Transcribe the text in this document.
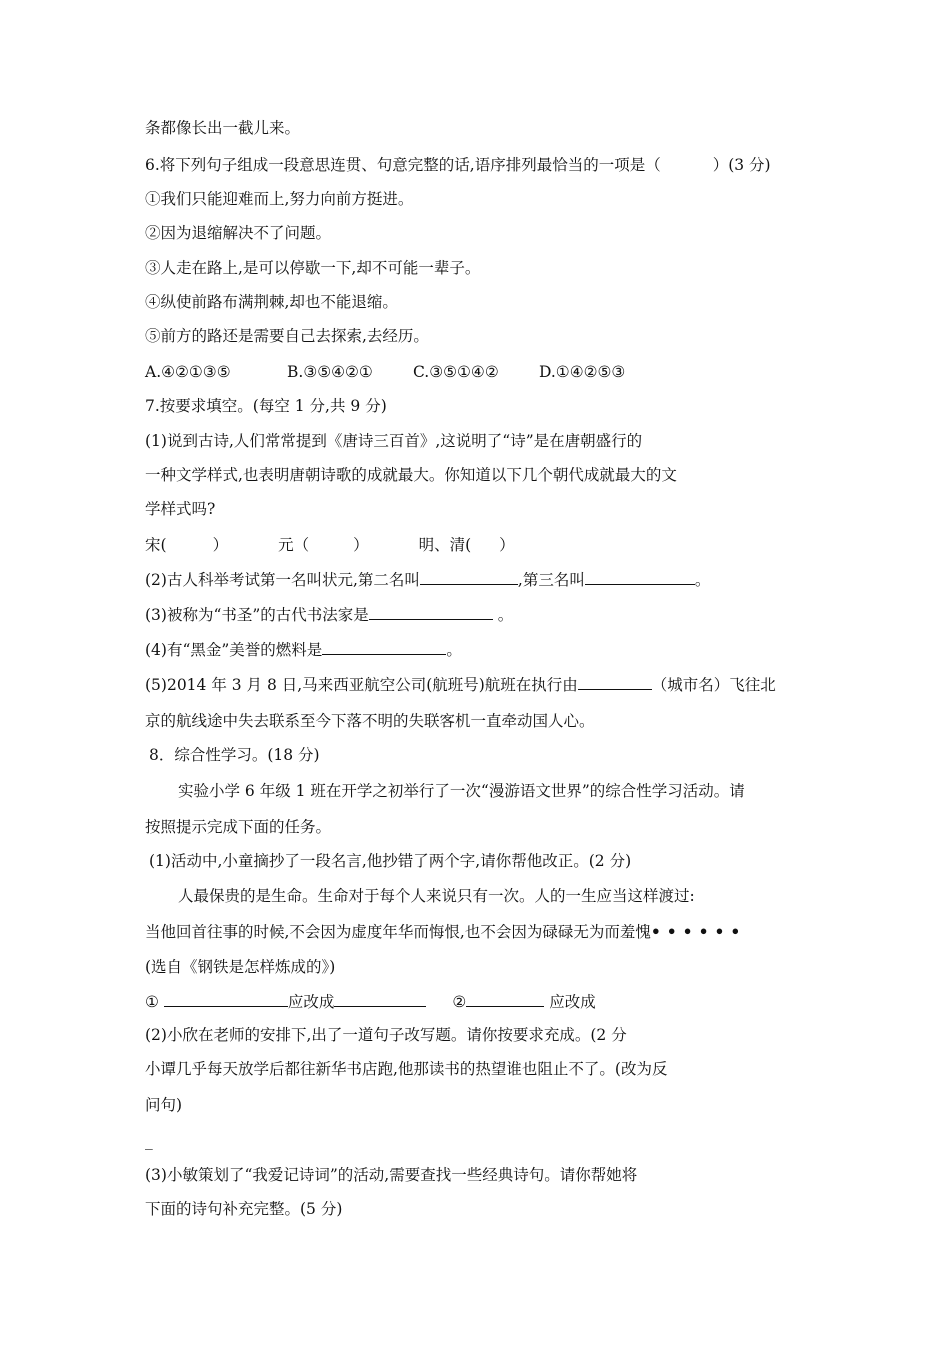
条都像长出一截儿来。
6.将下列句子组成一段意思连贯、句意完整的话,语序排列最恰当的一项是（	）(3 分)
①我们只能迎难而上,努力向前方挺进。
②因为退缩解决不了问题。
③人走在路上,是可以停歇一下,却不可能一辈子。
④纵使前路布满荆棘,却也不能退缩。
⑤前方的路还是需要自己去探索,去经历。
A.④②①③⑤	B.③⑤④②①	C.③⑤①④②	D.①④②⑤③
7.按要求填空。(每空 1 分,共 9 分)
(1)说到古诗,人们常常提到《唐诗三百首》,这说明了“诗”是在唐朝盛行的
一种文学样式,也表明唐朝诗歌的成就最大。你知道以下几个朝代成就最大的文
学样式吗?
宋(	）	元（	）	明、清( ）
(2)古人科举考试第一名叫状元,第二名叫	,第三名叫	。
(3)被称为“书圣”的古代书法家是	。
(4)有“黑金”美誉的燃料是	。
(5)2014 年 3 月 8 日,马来西亚航空公司(航班号)航班在执行由	（城市名）飞往北
京的航线途中失去联系至今下落不明的失联客机一直牵动国人心。
8．综合性学习。(18 分)
实验小学 6 年级 1 班在开学之初举行了一次“漫游语文世界”的综合性学习活动。请
按照提示完成下面的任务。
(1)活动中,小童摘抄了一段名言,他抄错了两个字,请你帮他改正。(2 分)
人最保贵的是生命。生命对于每个人来说只有一次。人的一生应当这样渡过:
当他回首往事的时候,不会因为虚度年华而悔恨,也不会因为碌碌无为而羞愧••••••
(选自《钢铁是怎样炼成的》)
①	应改成	②	应改成
(2)小欣在老师的安排下,出了一道句子改写题。请你按要求充成。(2 分
小谭几乎每天放学后都往新华书店跑,他那读书的热望谁也阻止不了。(改为反
问句)
_
(3)小敏策划了“我爱记诗词”的活动,需要查找一些经典诗句。请你帮她将
下面的诗句补充完整。(5 分)
